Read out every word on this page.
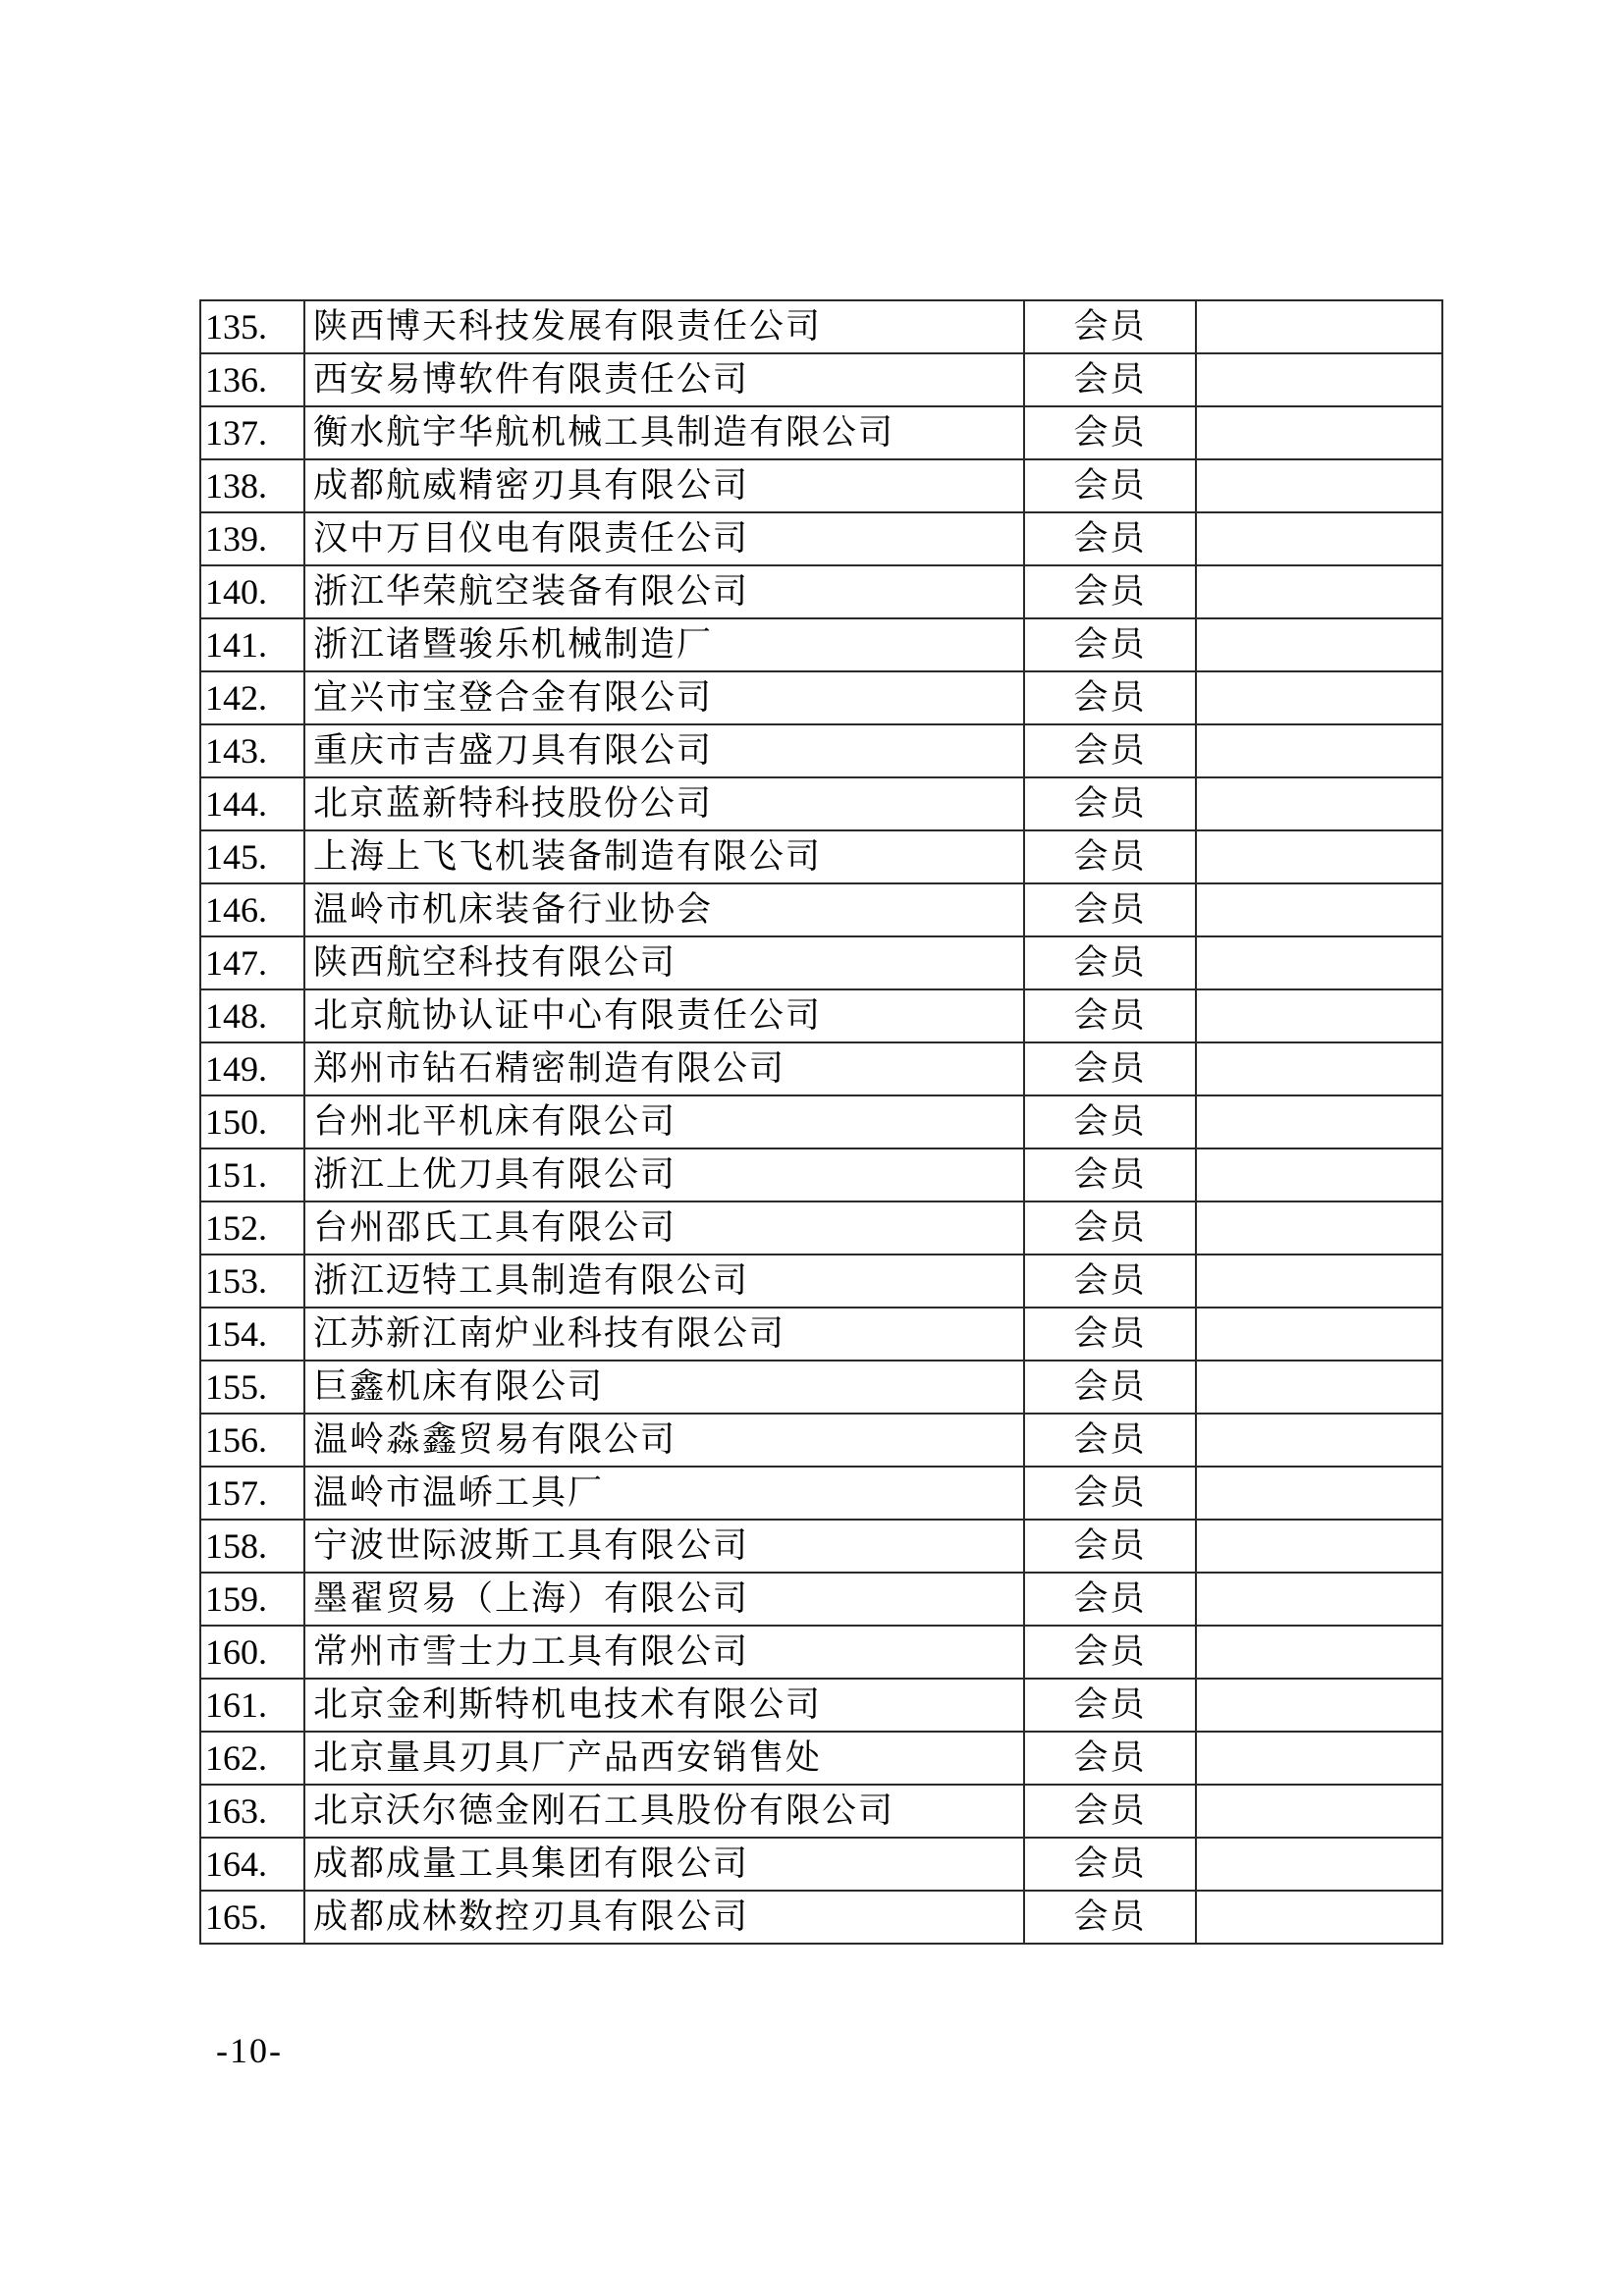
135.	陕西博天科技发展有限责任公司	会员	
136.	西安易博软件有限责任公司	会员	
137.	衡水航宇华航机械工具制造有限公司	会员	
138.	成都航威精密刃具有限公司	会员	
139.	汉中万目仪电有限责任公司	会员	
140.	浙江华荣航空装备有限公司	会员	
141.	浙江诸暨骏乐机械制造厂	会员	
142.	宜兴市宝登合金有限公司	会员	
143.	重庆市吉盛刀具有限公司	会员	
144.	北京蓝新特科技股份公司	会员	
145.	上海上飞飞机装备制造有限公司	会员	
146.	温岭市机床装备行业协会	会员	
147.	陕西航空科技有限公司	会员	
148.	北京航协认证中心有限责任公司	会员	
149.	郑州市钻石精密制造有限公司	会员	
150.	台州北平机床有限公司	会员	
151.	浙江上优刀具有限公司	会员	
152.	台州邵氏工具有限公司	会员	
153.	浙江迈特工具制造有限公司	会员	
154.	江苏新江南炉业科技有限公司	会员	
155.	巨鑫机床有限公司	会员	
156.	温岭淼鑫贸易有限公司	会员	
157.	温岭市温峤工具厂	会员	
158.	宁波世际波斯工具有限公司	会员	
159.	墨翟贸易（上海）有限公司	会员	
160.	常州市雪士力工具有限公司	会员	
161.	北京金利斯特机电技术有限公司	会员	
162.	北京量具刃具厂产品西安销售处	会员	
163.	北京沃尔德金刚石工具股份有限公司	会员	
164.	成都成量工具集团有限公司	会员	
165.	成都成林数控刃具有限公司	会员	
-10-
